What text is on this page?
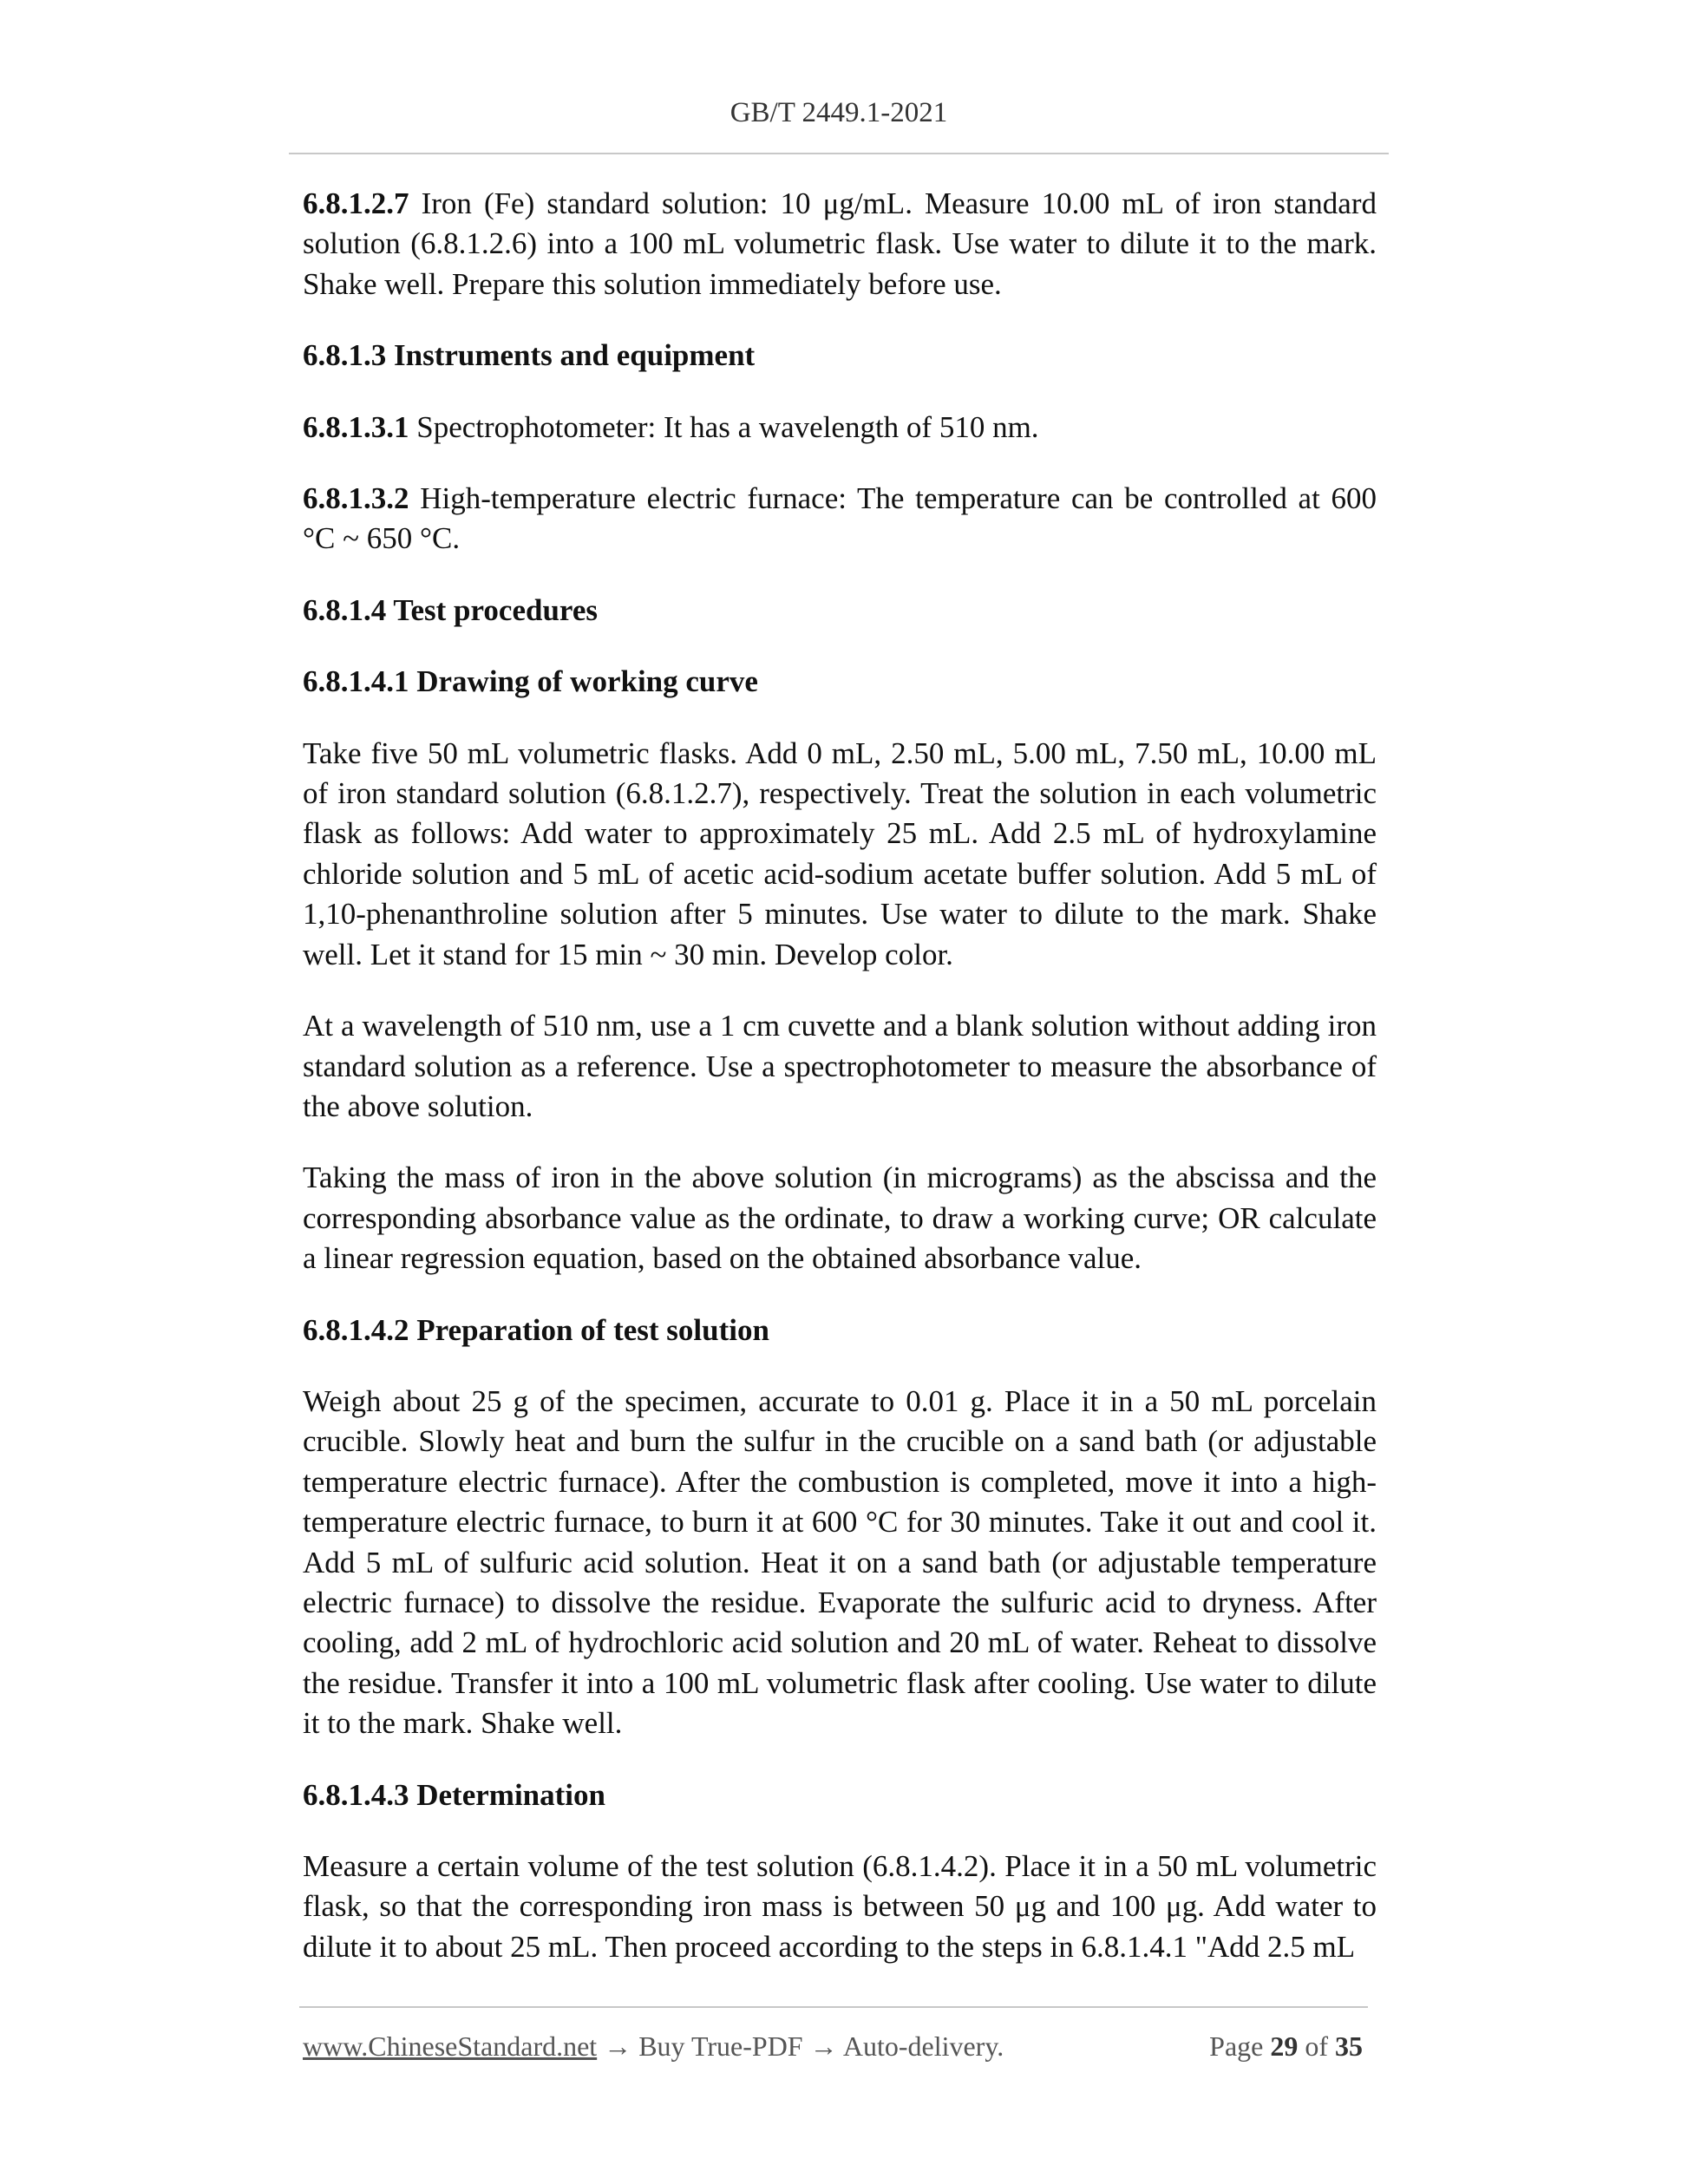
GB/T 2449.1-2021

6.8.1.2.7 Iron (Fe) standard solution: 10 μg/mL. Measure 10.00 mL of iron standard solution (6.8.1.2.6) into a 100 mL volumetric flask. Use water to dilute it to the mark. Shake well. Prepare this solution immediately before use.

6.8.1.3 Instruments and equipment

6.8.1.3.1 Spectrophotometer: It has a wavelength of 510 nm.

6.8.1.3.2 High-temperature electric furnace: The temperature can be controlled at 600 °C ~ 650 °C.

6.8.1.4 Test procedures

6.8.1.4.1 Drawing of working curve

Take five 50 mL volumetric flasks. Add 0 mL, 2.50 mL, 5.00 mL, 7.50 mL, 10.00 mL of iron standard solution (6.8.1.2.7), respectively. Treat the solution in each volumetric flask as follows: Add water to approximately 25 mL. Add 2.5 mL of hydroxylamine chloride solution and 5 mL of acetic acid-sodium acetate buffer solution. Add 5 mL of 1,10-phenanthroline solution after 5 minutes. Use water to dilute to the mark. Shake well. Let it stand for 15 min ~ 30 min. Develop color.

At a wavelength of 510 nm, use a 1 cm cuvette and a blank solution without adding iron standard solution as a reference. Use a spectrophotometer to measure the absorbance of the above solution.

Taking the mass of iron in the above solution (in micrograms) as the abscissa and the corresponding absorbance value as the ordinate, to draw a working curve; OR calculate a linear regression equation, based on the obtained absorbance value.

6.8.1.4.2 Preparation of test solution

Weigh about 25 g of the specimen, accurate to 0.01 g. Place it in a 50 mL porcelain crucible. Slowly heat and burn the sulfur in the crucible on a sand bath (or adjustable temperature electric furnace). After the combustion is completed, move it into a high-temperature electric furnace, to burn it at 600 °C for 30 minutes. Take it out and cool it. Add 5 mL of sulfuric acid solution. Heat it on a sand bath (or adjustable temperature electric furnace) to dissolve the residue. Evaporate the sulfuric acid to dryness. After cooling, add 2 mL of hydrochloric acid solution and 20 mL of water. Reheat to dissolve the residue. Transfer it into a 100 mL volumetric flask after cooling. Use water to dilute it to the mark. Shake well.

6.8.1.4.3 Determination

Measure a certain volume of the test solution (6.8.1.4.2). Place it in a 50 mL volumetric flask, so that the corresponding iron mass is between 50 μg and 100 μg. Add water to dilute it to about 25 mL. Then proceed according to the steps in 6.8.1.4.1 "Add 2.5 mL

www.ChineseStandard.net → Buy True-PDF → Auto-delivery.	Page 29 of 35
